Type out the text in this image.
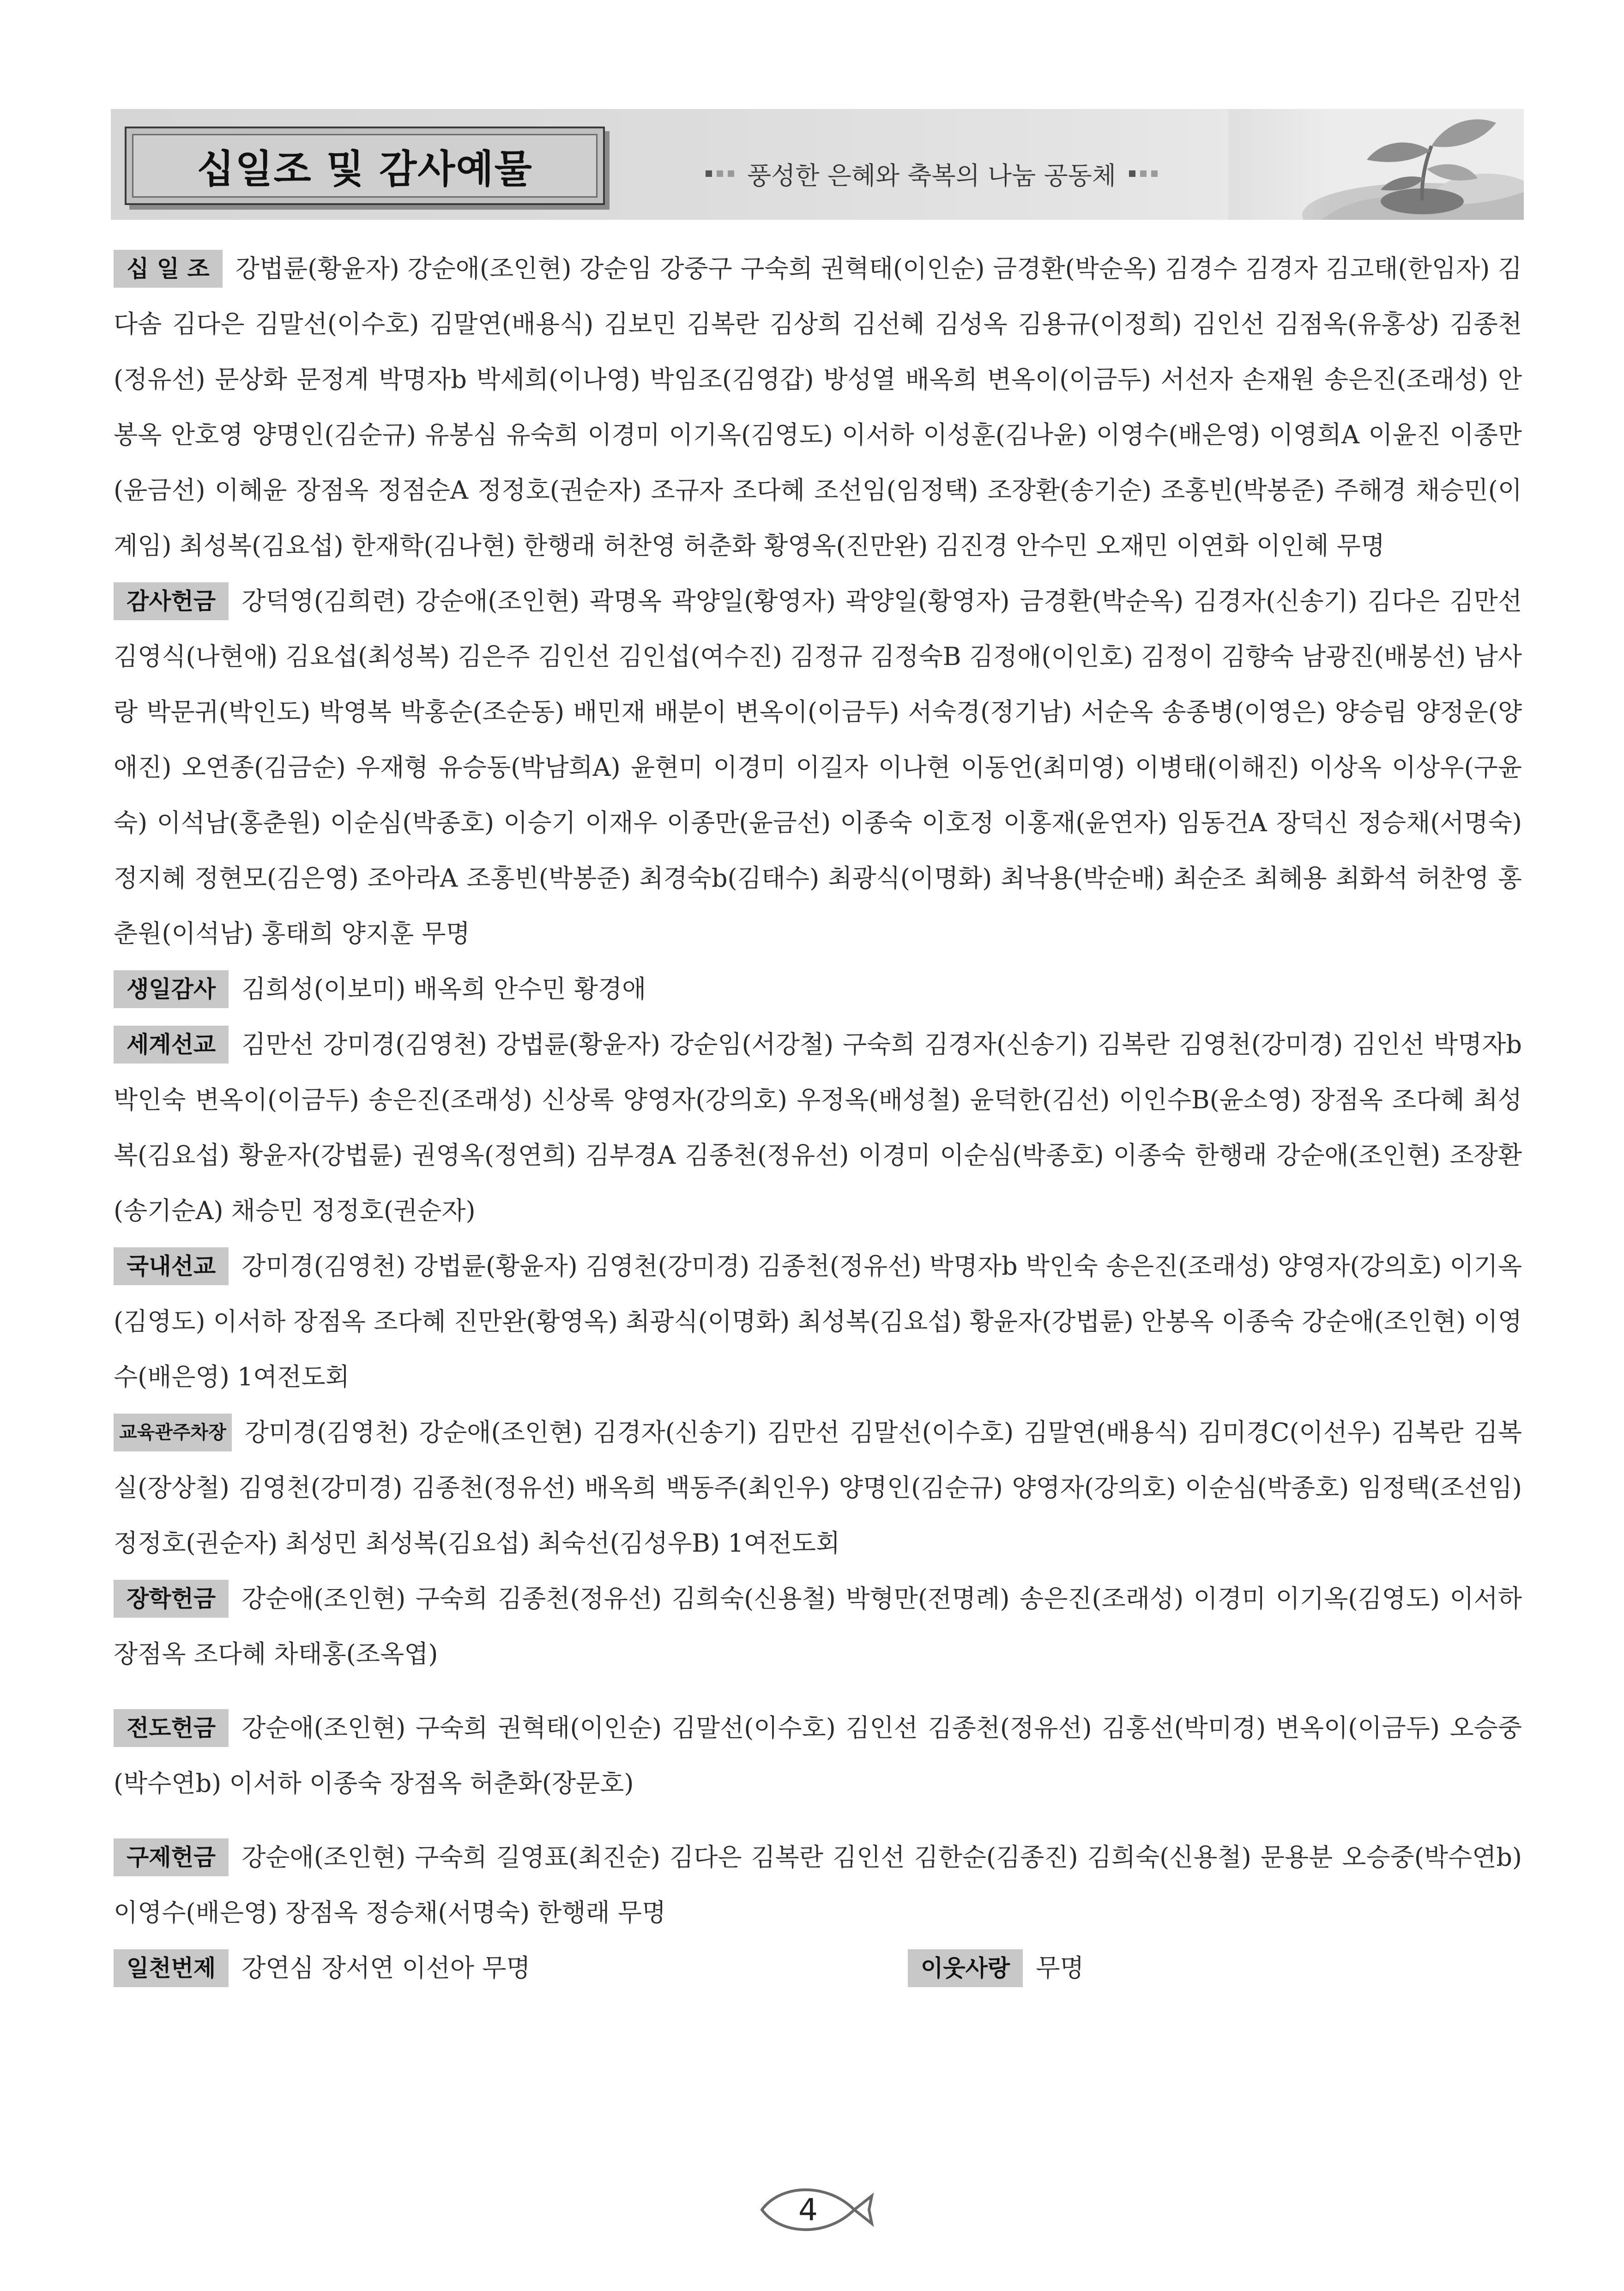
십일조 및 감사예물	풍성한 은혜와 축복의 나눔 공동체
십 일 조 강법륜(황윤자) 강순애(조인현) 강순임 강중구 구숙희 권혁태(이인순) 금경환(박순옥) 김경수 김경자 김고태(한임자) 김다솜 김다은 김말선(이수호) 김말연(배용식) 김보민 김복란 김상희 김선혜 김성옥 김용규(이정희) 김인선 김점옥(유홍상) 김종천(정유선) 문상화 문정계 박명자b 박세희(이나영) 박임조(김영갑) 방성열 배옥희 변옥이(이금두) 서선자 손재원 송은진(조래성) 안봉옥 안호영 양명인(김순규) 유봉심 유숙희 이경미 이기옥(김영도) 이서하 이성훈(김나윤) 이영수(배은영) 이영희A 이윤진 이종만(윤금선) 이혜윤 장점옥 정점순A 정정호(권순자) 조규자 조다혜 조선임(임정택) 조장환(송기순) 조홍빈(박봉준) 주해경 채승민(이계임) 최성복(김요섭) 한재학(김나현) 한행래 허찬영 허춘화 황영옥(진만완) 김진경 안수민 오재민 이연화 이인혜 무명
감사헌금 강덕영(김희련) 강순애(조인현) 곽명옥 곽양일(황영자) 곽양일(황영자) 금경환(박순옥) 김경자(신송기) 김다은 김만선 김영식(나현애) 김요섭(최성복) 김은주 김인선 김인섭(여수진) 김정규 김정숙B 김정애(이인호) 김정이 김향숙 남광진(배봉선) 남사랑 박문귀(박인도) 박영복 박홍순(조순동) 배민재 배분이 변옥이(이금두) 서숙경(정기남) 서순옥 송종병(이영은) 양승림 양정운(양애진) 오연종(김금순) 우재형 유승동(박남희A) 윤현미 이경미 이길자 이나현 이동언(최미영) 이병태(이해진) 이상옥 이상우(구윤숙) 이석남(홍춘원) 이순심(박종호) 이승기 이재우 이종만(윤금선) 이종숙 이호정 이홍재(윤연자) 임동건A 장덕신 정승채(서명숙) 정지혜 정현모(김은영) 조아라A 조홍빈(박봉준) 최경숙b(김태수) 최광식(이명화) 최낙용(박순배) 최순조 최혜용 최화석 허찬영 홍춘원(이석남) 홍태희 양지훈 무명
생일감사 김희성(이보미) 배옥희 안수민 황경애
세계선교 김만선 강미경(김영천) 강법륜(황윤자) 강순임(서강철) 구숙희 김경자(신송기) 김복란 김영천(강미경) 김인선 박명자b 박인숙 변옥이(이금두) 송은진(조래성) 신상록 양영자(강의호) 우정옥(배성철) 윤덕한(김선) 이인수B(윤소영) 장점옥 조다혜 최성복(김요섭) 황윤자(강법륜) 권영옥(정연희) 김부경A 김종천(정유선) 이경미 이순심(박종호) 이종숙 한행래 강순애(조인현) 조장환(송기순A) 채승민 정정호(권순자)
국내선교 강미경(김영천) 강법륜(황윤자) 김영천(강미경) 김종천(정유선) 박명자b 박인숙 송은진(조래성) 양영자(강의호) 이기옥(김영도) 이서하 장점옥 조다혜 진만완(황영옥) 최광식(이명화) 최성복(김요섭) 황윤자(강법륜) 안봉옥 이종숙 강순애(조인현) 이영수(배은영) 1여전도회
교육관주차장 강미경(김영천) 강순애(조인현) 김경자(신송기) 김만선 김말선(이수호) 김말연(배용식) 김미경C(이선우) 김복란 김복실(장상철) 김영천(강미경) 김종천(정유선) 배옥희 백동주(최인우) 양명인(김순규) 양영자(강의호) 이순심(박종호) 임정택(조선임) 정정호(권순자) 최성민 최성복(김요섭) 최숙선(김성우B) 1여전도회
장학헌금 강순애(조인현) 구숙희 김종천(정유선) 김희숙(신용철) 박형만(전명례) 송은진(조래성) 이경미 이기옥(김영도) 이서하 장점옥 조다혜 차태홍(조옥엽)
전도헌금 강순애(조인현) 구숙희 권혁태(이인순) 김말선(이수호) 김인선 김종천(정유선) 김홍선(박미경) 변옥이(이금두) 오승중(박수연b) 이서하 이종숙 장점옥 허춘화(장문호)
구제헌금 강순애(조인현) 구숙희 길영표(최진순) 김다은 김복란 김인선 김한순(김종진) 김희숙(신용철) 문용분 오승중(박수연b) 이영수(배은영) 장점옥 정승채(서명숙) 한행래 무명
일천번제 강연심 장서연 이선아 무명	이웃사랑 무명
4
